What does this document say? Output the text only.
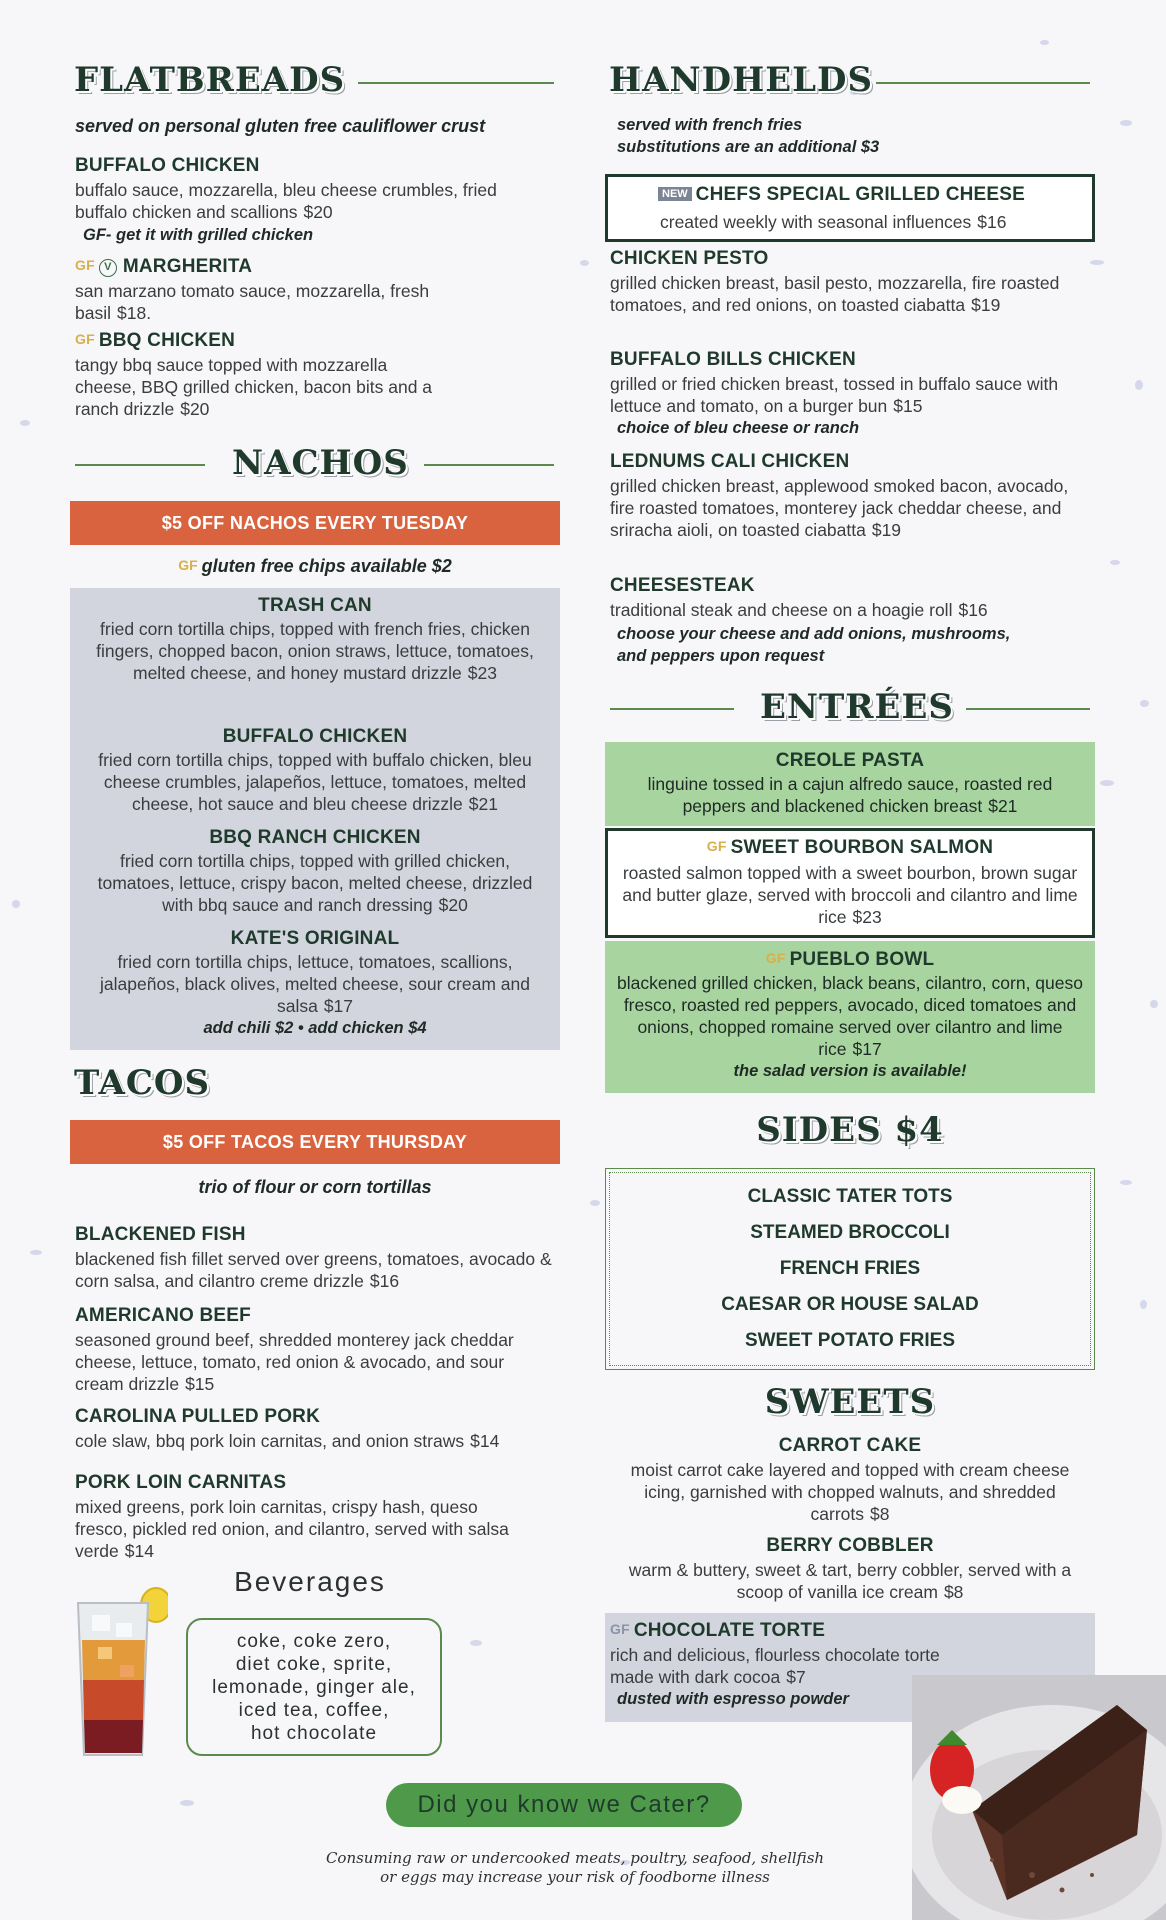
FLATBREADS
served on personal gluten free cauliflower crust
BUFFALO CHICKEN
buffalo sauce, mozzarella, bleu cheese crumbles, fried buffalo chicken and scallions $20
GF- get it with grilled chicken
GF V MARGHERITA
san marzano tomato sauce, mozzarella, fresh basil $18.
GF BBQ CHICKEN
tangy bbq sauce topped with mozzarella cheese, BBQ grilled chicken, bacon bits and a ranch drizzle $20
NACHOS
$5 OFF NACHOS EVERY TUESDAY
GF gluten free chips available $2
TRASH CAN
fried corn tortilla chips, topped with french fries, chicken fingers, chopped bacon, onion straws, lettuce, tomatoes, melted cheese, and honey mustard drizzle $23
BUFFALO CHICKEN
fried corn tortilla chips, topped with buffalo chicken, bleu cheese crumbles, jalapeños, lettuce, tomatoes, melted cheese, hot sauce and bleu cheese drizzle $21
BBQ RANCH CHICKEN
fried corn tortilla chips, topped with grilled chicken, tomatoes, lettuce, crispy bacon, melted cheese, drizzled with bbq sauce and ranch dressing $20
KATE'S ORIGINAL
fried corn tortilla chips, lettuce, tomatoes, scallions, jalapeños, black olives, melted cheese, sour cream and salsa $17
add chili $2 • add chicken $4
TACOS
$5 OFF TACOS EVERY THURSDAY
trio of flour or corn tortillas
BLACKENED FISH
blackened fish fillet served over greens, tomatoes, avocado & corn salsa, and cilantro creme drizzle $16
AMERICANO BEEF
seasoned ground beef, shredded monterey jack cheddar cheese, lettuce, tomato, red onion & avocado, and sour cream drizzle $15
CAROLINA PULLED PORK
cole slaw, bbq pork loin carnitas, and onion straws $14
PORK LOIN CARNITAS
mixed greens, pork loin carnitas, crispy hash, queso fresco, pickled red onion, and cilantro, served with salsa verde $14
Beverages
coke, coke zero,
diet coke, sprite,
lemonade, ginger ale,
iced tea, coffee,
hot chocolate
HANDHELDS
served with french fries
substitutions are an additional $3
NEW CHEFS SPECIAL GRILLED CHEESE
created weekly with seasonal influences $16
CHICKEN PESTO
grilled chicken breast, basil pesto, mozzarella, fire roasted tomatoes, and red onions, on toasted ciabatta $19
BUFFALO BILLS CHICKEN
grilled or fried chicken breast, tossed in buffalo sauce with lettuce and tomato, on a burger bun $15
choice of bleu cheese or ranch
LEDNUMS CALI CHICKEN
grilled chicken breast, applewood smoked bacon, avocado, fire roasted tomatoes, monterey jack cheddar cheese, and sriracha aioli, on toasted ciabatta $19
CHEESESTEAK
traditional steak and cheese on a hoagie roll $16
choose your cheese and add onions, mushrooms,
and peppers upon request
ENTRÉES
CREOLE PASTA
linguine tossed in a cajun alfredo sauce, roasted red peppers and blackened chicken breast $21
GF SWEET BOURBON SALMON
roasted salmon topped with a sweet bourbon, brown sugar and butter glaze, served with broccoli and cilantro and lime rice $23
GF PUEBLO BOWL
blackened grilled chicken, black beans, cilantro, corn, queso fresco, roasted red peppers, avocado, diced tomatoes and onions, chopped romaine served over cilantro and lime rice $17
the salad version is available!
SIDES $4
CLASSIC TATER TOTS
STEAMED BROCCOLI
FRENCH FRIES
CAESAR OR HOUSE SALAD
SWEET POTATO FRIES
SWEETS
CARROT CAKE
moist carrot cake layered and topped with cream cheese icing, garnished with chopped walnuts, and shredded carrots $8
BERRY COBBLER
warm & buttery, sweet & tart, berry cobbler, served with a scoop of vanilla ice cream $8
GF CHOCOLATE TORTE
rich and delicious, flourless chocolate torte made with dark cocoa $7
dusted with espresso powder
Did you know we Cater?
Consuming raw or undercooked meats, poultry, seafood, shellfish
or eggs may increase your risk of foodborne illness
